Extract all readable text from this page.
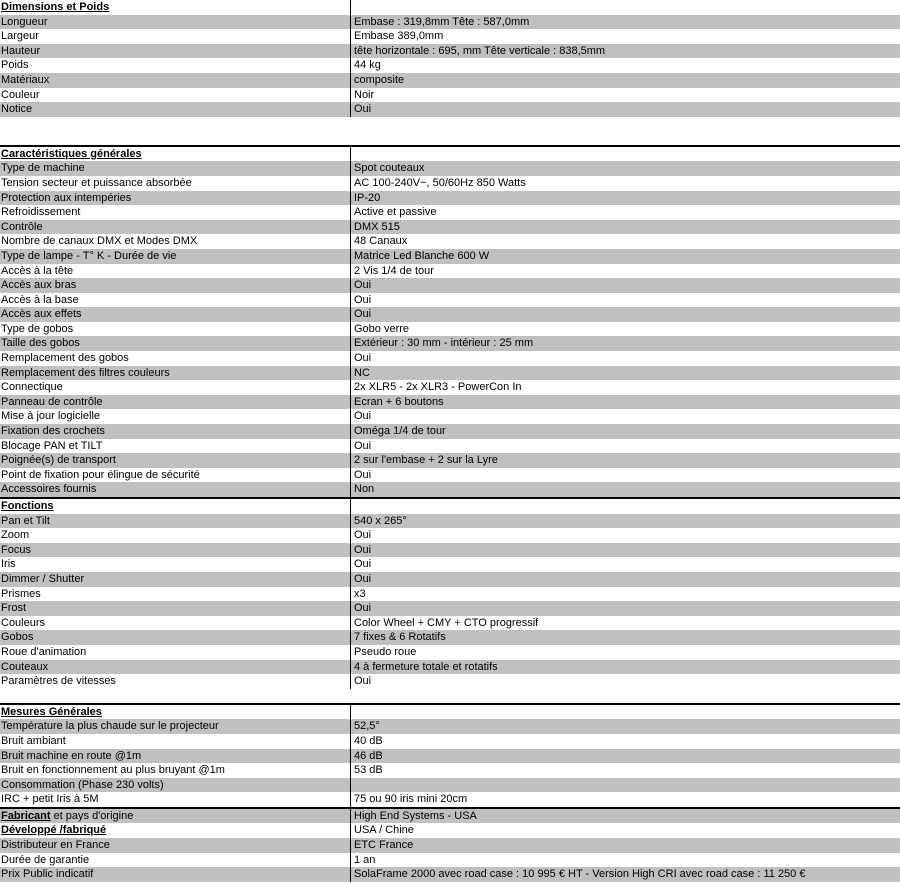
Dimensions et Poids
Longueur	Embase : 319,8mm Tête : 587,0mm
Largeur	Embase 389,0mm
Hauteur	tête horizontale : 695, mm Tête verticale : 838,5mm
Poids	44 kg
Matériaux	composite
Couleur	Noir
Notice	Oui
Caractéristiques générales
Type de machine	Spot couteaux
Tension secteur et puissance absorbée	AC 100-240V~, 50/60Hz 850 Watts
Protection aux intempéries	IP-20
Refroidissement	Active et passive
Contrôle	DMX 515
Nombre de canaux DMX et Modes DMX	48 Canaux
Type de lampe - T° K - Durée de vie	Matrice Led Blanche 600 W
Accès à la tête	2 Vis 1/4 de tour
Accès aux bras	Oui
Accès à la base	Oui
Accès aux effets	Oui
Type de gobos	Gobo verre
Taille des gobos	Extérieur : 30 mm - intérieur : 25 mm
Remplacement des gobos	Oui
Remplacement des filtres couleurs	NC
Connectique	2x XLR5 - 2x XLR3 - PowerCon In
Panneau de contrôle	Ecran + 6 boutons
Mise à jour logicielle	Oui
Fixation des crochets	Oméga 1/4 de tour
Blocage PAN et TILT	Oui
Poignée(s) de transport	2 sur l'embase + 2 sur la Lyre
Point de fixation pour élingue de sécurité	Oui
Accessoires fournis	Non
Fonctions
Pan et Tilt	540 x 265°
Zoom	Oui
Focus	Oui
Iris	Oui
Dimmer / Shutter	Oui
Prismes	x3
Frost	Oui
Couleurs	Color Wheel + CMY + CTO progressif
Gobos	7 fixes & 6 Rotatifs
Roue d'animation	Pseudo roue
Couteaux	4 à fermeture totale et rotatifs
Paramètres de vitesses	Oui
Mesures Générales
Température la plus chaude sur le projecteur	52,5°
Bruit ambiant	40 dB
Bruit machine en route @1m	46 dB
Bruit en fonctionnement au plus bruyant @1m	53 dB
Consommation (Phase 230 volts)
IRC + petit Iris à 5M	75 ou 90 iris mini 20cm
Fabricant et pays d'origine	High End Systems - USA
Développé /fabriqué	USA / Chine
Distributeur en France	ETC France
Durée de garantie	1 an
Prix Public indicatif	SolaFrame 2000 avec road case : 10 995 € HT - Version High CRI avec road case : 11 250 €
